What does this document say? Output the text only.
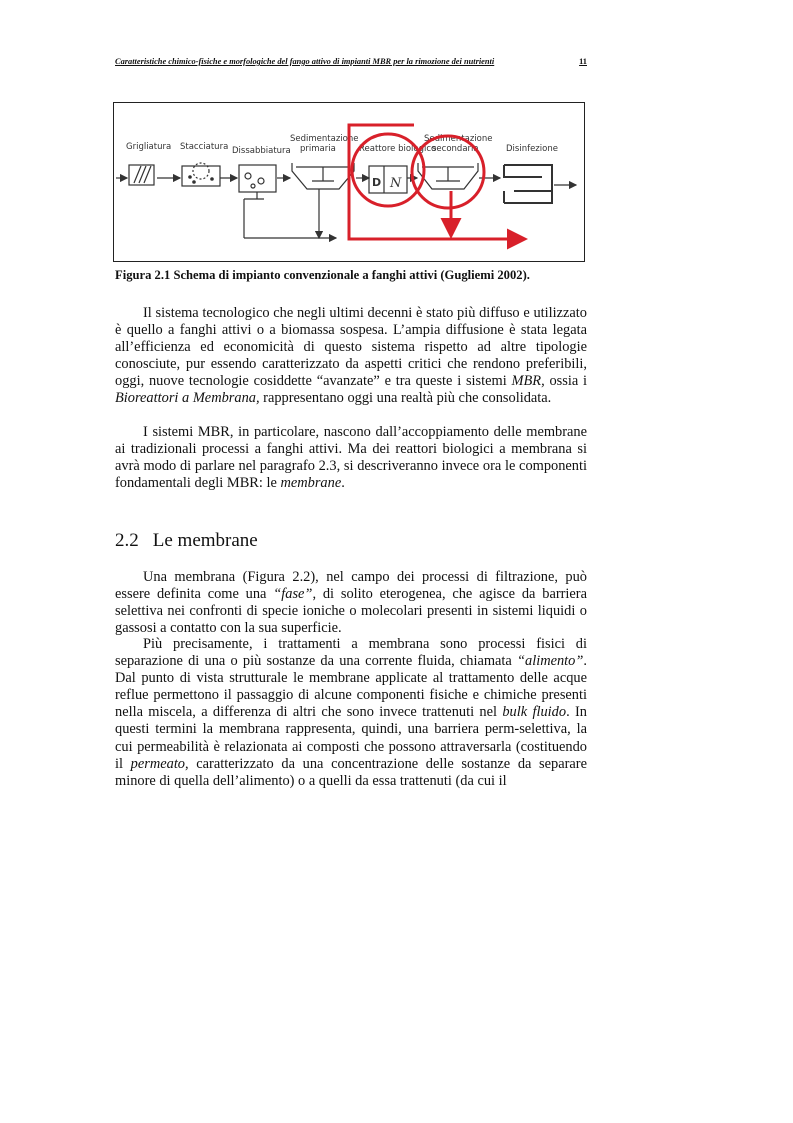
Caratteristiche chimico-fisiche e morfologiche del fango attivo di impianti MBR per la rimozione dei nutrienti	11
Grigliatura Stacciatura Dissabbiatura
Sedimentazione
primaria	Reattore biologico
D N
Sedimentazione
secondaria	Disinfezione
Figura 2.1 Schema di impianto convenzionale a fanghi attivi (Gugliemi 2002).

Il sistema tecnologico che negli ultimi decenni è stato più diffuso e utilizzato è quello a fanghi attivi o a biomassa sospesa. L’ampia diffusione è stata legata all’efficienza ed economicità di questo sistema rispetto ad altre tipologie conosciute, pur essendo caratterizzato da aspetti critici che rendono preferibili, oggi, nuove tecnologie cosiddette “avanzate” e tra queste i sistemi MBR, ossia i Bioreattori a Membrana, rappresentano oggi una realtà più che consolidata.

I sistemi MBR, in particolare, nascono dall’accoppiamento delle membrane ai tradizionali processi a fanghi attivi. Ma dei reattori biologici a membrana si avrà modo di parlare nel paragrafo 2.3, si descriveranno invece ora le componenti fondamentali degli MBR: le membrane.

2.2 Le membrane

Una membrana (Figura 2.2), nel campo dei processi di filtrazione, può essere definita come una “fase”, di solito eterogenea, che agisce da barriera selettiva nei confronti di specie ioniche o molecolari presenti in sistemi liquidi o gassosi a contatto con la sua superficie.

Più precisamente, i trattamenti a membrana sono processi fisici di separazione di una o più sostanze da una corrente fluida, chiamata “alimento”. Dal punto di vista strutturale le membrane applicate al trattamento delle acque reflue permettono il passaggio di alcune componenti fisiche e chimiche presenti nella miscela, a differenza di altri che sono invece trattenuti nel bulk fluido. In questi termini la membrana rappresenta, quindi, una barriera perm-selettiva, la cui permeabilità è relazionata ai composti che possono attraversarla (costituendo il permeato, caratterizzato da una concentrazione delle sostanze da separare minore di quella dell’alimento) o a quelli da essa trattenuti (da cui il
